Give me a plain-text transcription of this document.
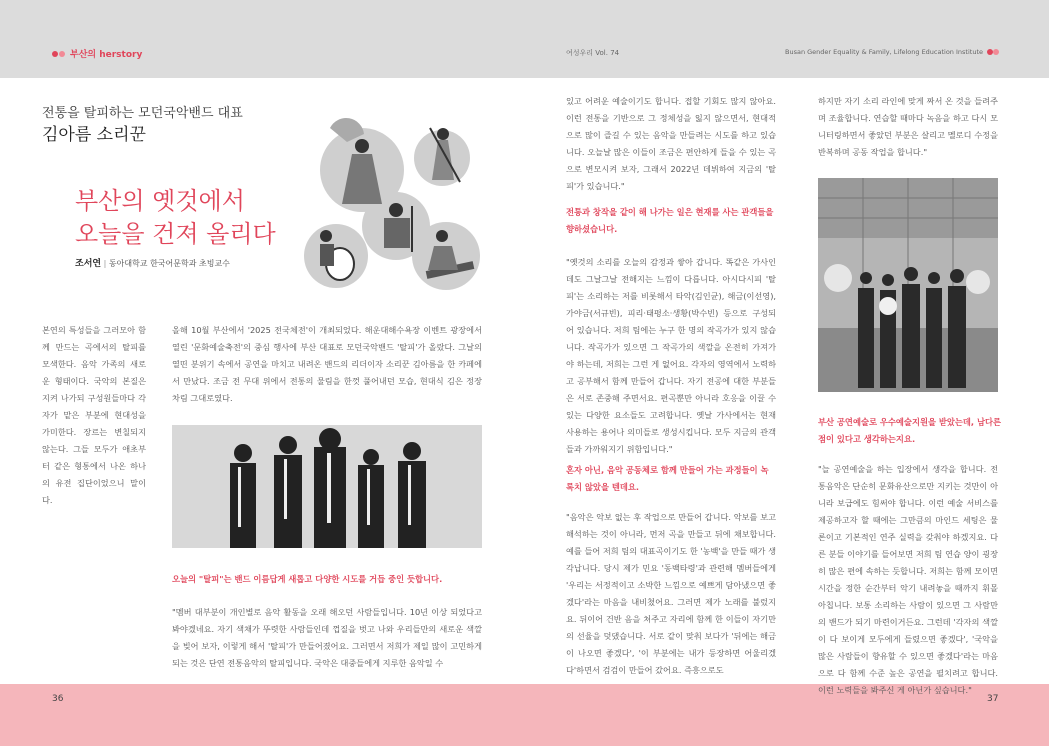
부산의 herstory	여성우리 Vol. 74	Busan Gender Equality & Family, Lifelong Education Institute
전통을 탈피하는 모던국악밴드 대표
김아름 소리꾼
부산의 옛것에서
오늘을 건져 올리다
조서연 | 동아대학교 한국어문학과 초빙교수

본연의 특성들을 그러모아 함께 만드는 곡에서의 탈피를 모색한다. 음악 가족의 새로운 형태이다. 국악의 본질은 지켜 나가되 구성원들마다 각자가 맡은 부분에 현대성을 가미한다. 장르는 변칠되지 않는다. 그들 모두가 애초부터 같은 형통에서 나온 하나의 유전 집단이었으니 말이다.

올해 10월 부산에서 '2025 전국체전'이 개최되었다. 해운대해수욕장 이벤트 광장에서 열린 '문화예술축전'의 중심 행사에 부산 대표로 모던국악밴드 '탈피'가 올랐다. 그날의 열띤 분위기 속에서 공연을 마치고 내려온 밴드의 리더이자 소리꾼 김아름을 한 카페에서 만났다. 조금 전 무대 위에서 전통의 물림을 한껏 풀어내던 모습, 현대식 김은 정장 차림 그대로였다.

오늘의 "탈피"는 밴드 이름답게 새롭고 다양한 시도를 거듭 중인 듯합니다.

"멤버 대부분이 개인별로 음악 활동을 오래 해오던 사람들입니다. 10년 이상 되었다고 봐야겠네요. 자기 색채가 뚜렷한 사람들인데 껍질을 벗고 나와 우리들만의 새로운 색깔을 빚어 보자, 이렇게 해서 '탈피'가 만들어졌어요. 그러면서 저희가 제일 많이 고민하게 되는 것은 단연 전통음악의 탈피입니다. 국악은 대중들에게 지루한 음악일 수

있고 어려운 예술이기도 합니다. 접할 기회도 많지 않아요. 이런 전통을 기반으로 그 정체성을 잃지 않으면서, 현대적으로 많이 즐길 수 있는 음악을 만들려는 시도를 하고 있습니다. 오늘날 많은 이들이 조금은 편안하게 들을 수 있는 곡으로 변모시켜 보자, 그래서 2022년 데뷔하여 지금의 '탈피'가 있습니다."

전통과 창작을 같이 해 나가는 일은 현재를 사는 관객들을 향하셨습니다.

"옛것의 소리를 오늘의 감정과 쌓아 갑니다. 똑같은 가사인데도 그날그날 전해지는 느낌이 다릅니다. 아시다시피 '탈피'는 소리하는 저를 비롯해서 타악(김인균), 해금(이선영), 가야금(서규빈), 피리·태평소·생황(박수빈) 등으로 구성되어 있습니다. 저희 팀에는 누구 한 명의 작곡가가 있지 않습니다. 작곡가가 있으면 그 작곡가의 색깔을 온전히 가져가야 하는데, 저희는 그런 게 없어요. 각자의 영역에서 노력하고 공부해서 함께 만들어 갑니다. 자기 전공에 대한 부분들은 서로 존중해 주면서요. 편곡뿐만 아니라 호응을 이끌 수 있는 다양한 요소들도 고려합니다. 옛날 가사에서는 현재 사용하는 용어나 의미들로 생성시킵니다. 모두 지금의 관객들과 가까워지기 위함입니다."

혼자 아닌, 음악 공동체로 함께 만들어 가는 과정들이 녹록치 않았을 텐데요.

"음악은 악보 없는 후 작업으로 만들어 갑니다. 악보를 보고 해석하는 것이 아니라, 먼저 곡을 만들고 뒤에 채보합니다. 예를 들어 저희 팀의 대표곡이기도 한 '농백'을 만들 때가 생각납니다. 당시 제가 민요 '동백타령'과 관련해 멤버들에게 '우리는 서정적이고 소박한 느낌으로 예쁘게 담아냈으면 좋겠다'라는 마음을 내비쳤어요. 그러면 제가 노래를 불렀지요. 뒤이어 건반 음을 쳐주고 자리에 함께 한 이들이 자기만의 선율을 덧댔습니다. 서로 같이 맞춰 보다가 '뒤에는 해금이 나오면 좋겠다', '이 부분에는 내가 등장하면 어울리겠다'하면서 검검이 만들어 갔어요. 즉흥으로도

하지만 자기 소리 라인에 맞게 짜서 온 것을 들려주며 조율합니다. 연습할 때마다 녹음을 하고 다시 모니터링하면서 좋았던 부분은 살리고 멜로디 수정을 반복하며 공동 작업을 합니다."

부산 공연예술로 우수예술지원을 받았는데, 남다른 점이 있다고 생각하는지요.

"늘 공연예술을 하는 입장에서 생각을 합니다. 전통음악은 단순히 문화유산으로만 지키는 것만이 아니라 보급에도 힘써야 합니다. 이런 예술 서비스를 제공하고자 할 때에는 그만큼의 마인드 세팅은 물론이고 기본적인 연주 실력을 갖춰야 하겠지요. 다른 분들 이야기를 들어보면 저희 팀 연습 양이 굉장히 많은 편에 속하는 듯합니다. 저희는 함께 모이면 시간을 정한 순간부터 악기 내려놓을 때까지 휘몰아칩니다. 보통 소리하는 사람이 있으면 그 사람만의 밴드가 되기 마련이거든요. 그런데 '각자의 색깔이 다 보이게 모두에게 들렸으면 좋겠다', '국악을 많은 사람들이 향유할 수 있으면 좋겠다'라는 마음으로 다 함께 수준 높은 공연을 펼치려고 합니다. 이런 노력들을 봐주신 게 아닌가 싶습니다."

36	37
